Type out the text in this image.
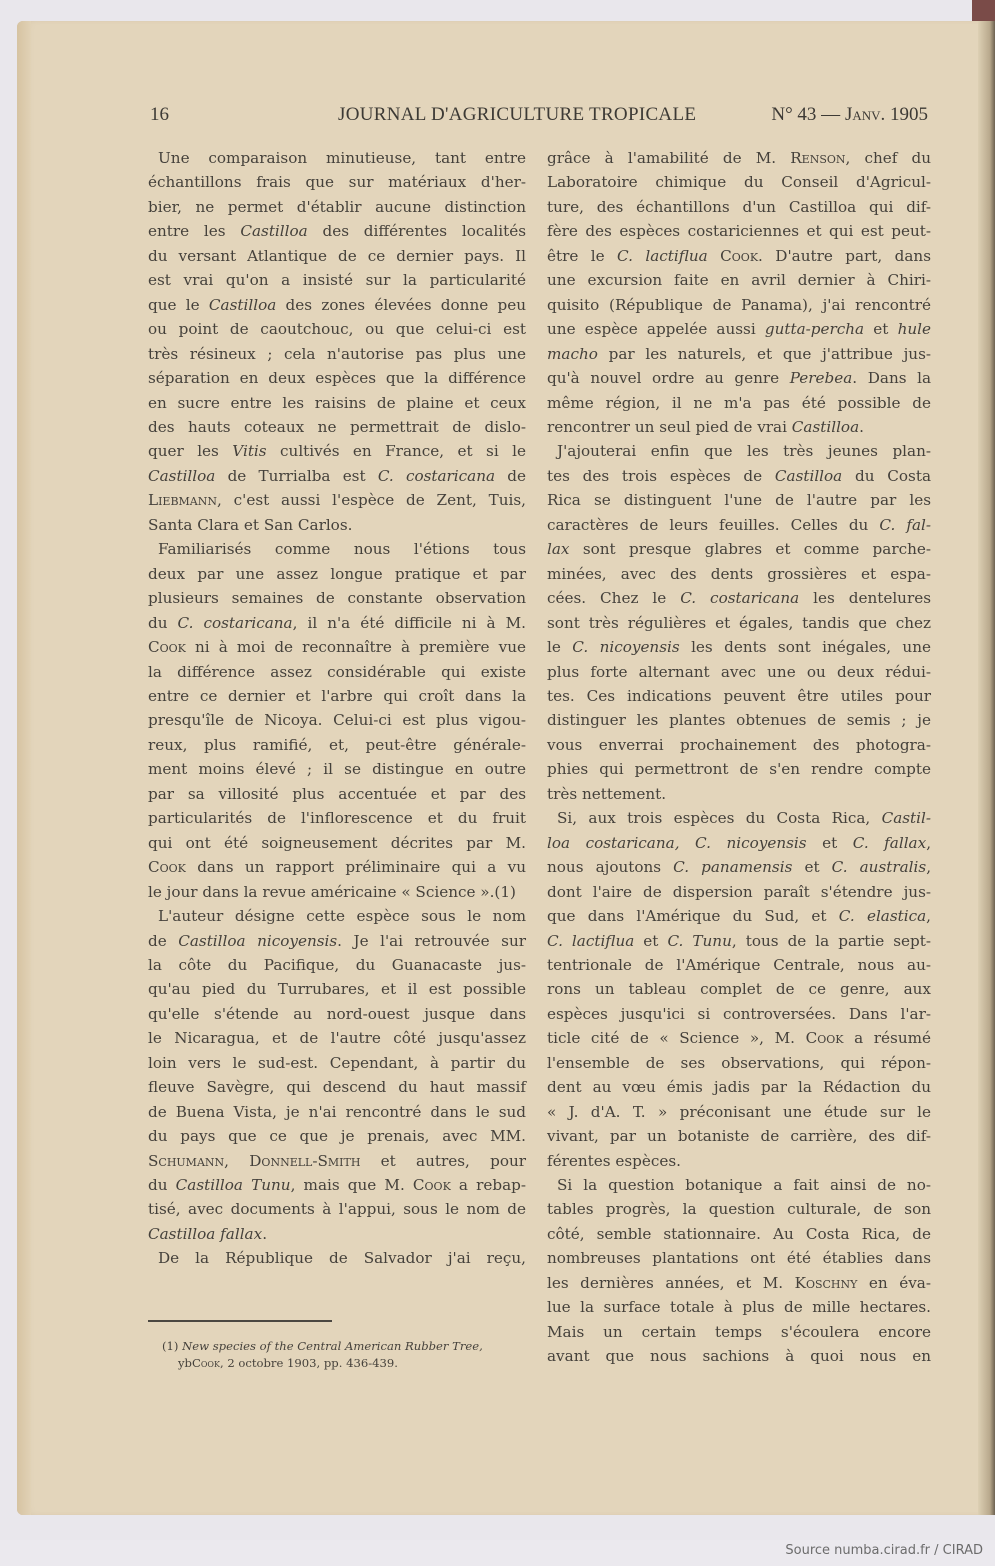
16	JOURNAL D'AGRICULTURE TROPICALE	N° 43 — Janv. 1905
Une comparaison minutieuse, tant entre
échantillons frais que sur matériaux d'her-
bier, ne permet d'établir aucune distinction
entre les Castilloa des différentes localités
du versant Atlantique de ce dernier pays. Il
est vrai qu'on a insisté sur la particularité
que le Castilloa des zones élevées donne peu
ou point de caoutchouc, ou que celui-ci est
très résineux ; cela n'autorise pas plus une
séparation en deux espèces que la différence
en sucre entre les raisins de plaine et ceux
des hauts coteaux ne permettrait de dislo-
quer les Vitis cultivés en France, et si le
Castilloa de Turrialba est C. costaricana de
Liebmann, c'est aussi l'espèce de Zent, Tuis,
Santa Clara et San Carlos.
Familiarisés comme nous l'étions tous
deux par une assez longue pratique et par
plusieurs semaines de constante observation
du C. costaricana, il n'a été difficile ni à M.
Cook ni à moi de reconnaître à première vue
la différence assez considérable qui existe
entre ce dernier et l'arbre qui croît dans la
presqu'île de Nicoya. Celui-ci est plus vigou-
reux, plus ramifié, et, peut-être générale-
ment moins élevé ; il se distingue en outre
par sa villosité plus accentuée et par des
particularités de l'inflorescence et du fruit
qui ont été soigneusement décrites par M.
Cook dans un rapport préliminaire qui a vu
le jour dans la revue américaine « Science ».(1)
L'auteur désigne cette espèce sous le nom
de Castilloa nicoyensis. Je l'ai retrouvée sur
la côte du Pacifique, du Guanacaste jus-
qu'au pied du Turrubares, et il est possible
qu'elle s'étende au nord-ouest jusque dans
le Nicaragua, et de l'autre côté jusqu'assez
loin vers le sud-est. Cependant, à partir du
fleuve Savègre, qui descend du haut massif
de Buena Vista, je n'ai rencontré dans le sud
du pays que ce que je prenais, avec MM.
Schumann, Donnell-Smith et autres, pour
du Castilloa Tunu, mais que M. Cook a rebap-
tisé, avec documents à l'appui, sous le nom de
Castilloa fallax.
De la République de Salvador j'ai reçu,
grâce à l'amabilité de M. Renson, chef du
Laboratoire chimique du Conseil d'Agricul-
ture, des échantillons d'un Castilloa qui dif-
fère des espèces costariciennes et qui est peut-
être le C. lactiflua Cook. D'autre part, dans
une excursion faite en avril dernier à Chiri-
quisito (République de Panama), j'ai rencontré
une espèce appelée aussi gutta-percha et hule
macho par les naturels, et que j'attribue jus-
qu'à nouvel ordre au genre Perebea. Dans la
même région, il ne m'a pas été possible de
rencontrer un seul pied de vrai Castilloa.
J'ajouterai enfin que les très jeunes plan-
tes des trois espèces de Castilloa du Costa
Rica se distinguent l'une de l'autre par les
caractères de leurs feuilles. Celles du C. fal-
lax sont presque glabres et comme parche-
minées, avec des dents grossières et espa-
cées. Chez le C. costaricana les dentelures
sont très régulières et égales, tandis que chez
le C. nicoyensis les dents sont inégales, une
plus forte alternant avec une ou deux rédui-
tes. Ces indications peuvent être utiles pour
distinguer les plantes obtenues de semis ; je
vous enverrai prochainement des photogra-
phies qui permettront de s'en rendre compte
très nettement.
Si, aux trois espèces du Costa Rica, Castil-
loa costaricana, C. nicoyensis et C. fallax,
nous ajoutons C. panamensis et C. australis,
dont l'aire de dispersion paraît s'étendre jus-
que dans l'Amérique du Sud, et C. elastica,
C. lactiflua et C. Tunu, tous de la partie sept-
tentrionale de l'Amérique Centrale, nous au-
rons un tableau complet de ce genre, aux
espèces jusqu'ici si controversées. Dans l'ar-
ticle cité de « Science », M. Cook a résumé
l'ensemble de ses observations, qui répon-
dent au vœu émis jadis par la Rédaction du
« J. d'A. T. » préconisant une étude sur le
vivant, par un botaniste de carrière, des dif-
férentes espèces.
Si la question botanique a fait ainsi de no-
tables progrès, la question culturale, de son
côté, semble stationnaire. Au Costa Rica, de
nombreuses plantations ont été établies dans
les dernières années, et M. Koschny en éva-
lue la surface totale à plus de mille hectares.
Mais un certain temps s'écoulera encore
avant que nous sachions à quoi nous en
(1) New species of the Central American Rubber Tree,
ybCook, 2 octobre 1903, pp. 436-439.
Source numba.cirad.fr / CIRAD
